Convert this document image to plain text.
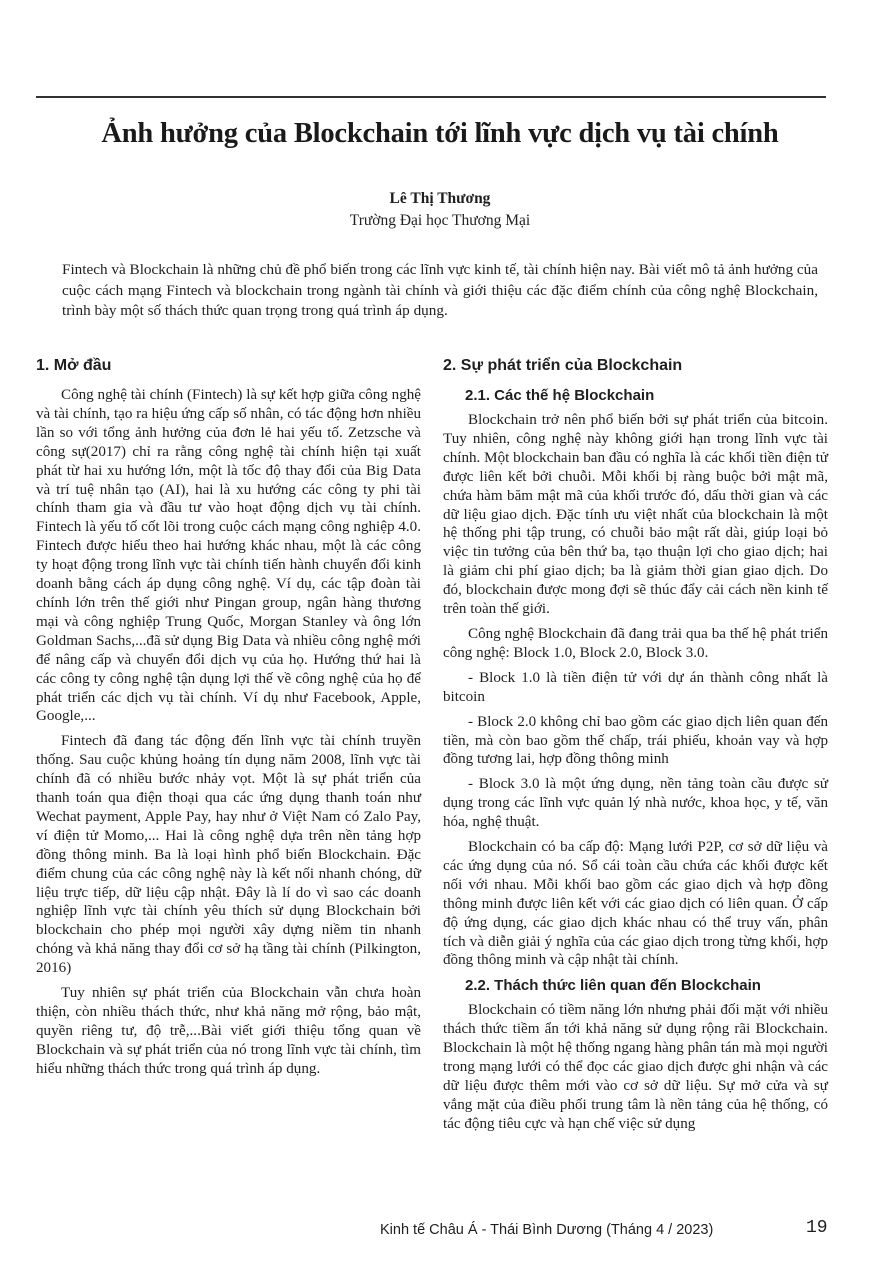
Ảnh hưởng của Blockchain tới lĩnh vực dịch vụ tài chính
Lê Thị Thương
Trường Đại học Thương Mại

Fintech và Blockchain là những chủ đề phổ biến trong các lĩnh vực kinh tế, tài chính hiện nay. Bài viết mô tả ảnh hưởng của cuộc cách mạng Fintech và blockchain trong ngành tài chính và giới thiệu các đặc điểm chính của công nghệ Blockchain, trình bày một số thách thức quan trọng trong quá trình áp dụng.

1. Mở đầu

Công nghệ tài chính (Fintech) là sự kết hợp giữa công nghệ và tài chính, tạo ra hiệu ứng cấp số nhân, có tác động hơn nhiều lần so với tổng ảnh hưởng của đơn lẻ hai yếu tố. Zetzsche và công sự(2017) chỉ ra rằng công nghệ tài chính hiện tại xuất phát từ hai xu hướng lớn, một là tốc độ thay đổi của Big Data và trí tuệ nhân tạo (AI), hai là xu hướng các công ty phi tài chính tham gia và đầu tư vào hoạt động dịch vụ tài chính. Fintech là yếu tố cốt lõi trong cuộc cách mạng công nghiệp 4.0. Fintech được hiểu theo hai hướng khác nhau, một là các công ty hoạt động trong lĩnh vực tài chính tiến hành chuyển đổi kinh doanh bằng cách áp dụng công nghệ. Ví dụ, các tập đoàn tài chính lớn trên thế giới như Pingan group, ngân hàng thương mại và công nghiệp Trung Quốc, Morgan Stanley và ông lớn Goldman Sachs,...đã sử dụng Big Data và nhiều công nghệ mới để nâng cấp và chuyển đổi dịch vụ của họ. Hướng thứ hai là các công ty công nghệ tận dụng lợi thế về công nghệ của họ để phát triển các dịch vụ tài chính. Ví dụ như Facebook, Apple, Google,...

Fintech đã đang tác động đến lĩnh vực tài chính truyền thống. Sau cuộc khủng hoảng tín dụng năm 2008, lĩnh vực tài chính đã có nhiều bước nhảy vọt. Một là sự phát triển của thanh toán qua điện thoại qua các ứng dụng thanh toán như Wechat payment, Apple Pay, hay như ở Việt Nam có Zalo Pay, ví điện tử Momo,... Hai là công nghệ dựa trên nền tảng hợp đồng thông minh. Ba là loại hình phổ biến Blockchain. Đặc điểm chung của các công nghệ này là kết nối nhanh chóng, dữ liệu trực tiếp, dữ liệu cập nhật. Đây là lí do vì sao các doanh nghiệp lĩnh vực tài chính yêu thích sử dụng Blockchain bởi blockchain cho phép mọi người xây dựng niềm tin nhanh chóng và khả năng thay đổi cơ sở hạ tầng tài chính (Pilkington, 2016)

Tuy nhiên sự phát triển của Blockchain vẫn chưa hoàn thiện, còn nhiều thách thức, như khả năng mở rộng, bảo mật, quyền riêng tư, độ trễ,...Bài viết giới thiệu tổng quan về Blockchain và sự phát triển của nó trong lĩnh vực tài chính, tìm hiểu những thách thức trong quá trình áp dụng.

2. Sự phát triển của Blockchain
2.1. Các thế hệ Blockchain

Blockchain trở nên phổ biến bởi sự phát triển của bitcoin. Tuy nhiên, công nghệ này không giới hạn trong lĩnh vực tài chính. Một blockchain ban đầu có nghĩa là các khối tiền điện tử được liên kết bởi chuỗi. Mỗi khối bị ràng buộc bởi mật mã, chứa hàm băm mật mã của khối trước đó, dấu thời gian và các dữ liệu giao dịch. Đặc tính ưu việt nhất của blockchain là một hệ thống phi tập trung, có chuỗi bảo mật rất dài, giúp loại bỏ việc tin tưởng của bên thứ ba, tạo thuận lợi cho giao dịch; hai là giảm chi phí giao dịch; ba là giảm thời gian giao dịch. Do đó, blockchain được mong đợi sẽ thúc đẩy cải cách nền kinh tế trên toàn thế giới.

Công nghệ Blockchain đã đang trải qua ba thế hệ phát triển công nghệ: Block 1.0, Block 2.0, Block 3.0.

- Block 1.0 là tiền điện tử với dự án thành công nhất là bitcoin

- Block 2.0 không chỉ bao gồm các giao dịch liên quan đến tiền, mà còn bao gồm thế chấp, trái phiếu, khoản vay và hợp đồng tương lai, hợp đồng thông minh

- Block 3.0 là một ứng dụng, nền tảng toàn cầu được sử dụng trong các lĩnh vực quản lý nhà nước, khoa học, y tế, văn hóa, nghệ thuật.

Blockchain có ba cấp độ: Mạng lưới P2P, cơ sở dữ liệu và các ứng dụng của nó. Sổ cái toàn cầu chứa các khối được kết nối với nhau. Mỗi khối bao gồm các giao dịch và hợp đồng thông minh được liên kết với các giao dịch có liên quan. Ở cấp độ ứng dụng, các giao dịch khác nhau có thể truy vấn, phân tích và diễn giải ý nghĩa của các giao dịch trong từng khối, hợp đồng thông minh và cập nhật tài chính.

2.2. Thách thức liên quan đến Blockchain

Blockchain có tiềm năng lớn nhưng phải đối mặt với nhiều thách thức tiềm ẩn tới khả năng sử dụng rộng rãi Blockchain. Blockchain là một hệ thống ngang hàng phân tán mà mọi người trong mạng lưới có thể đọc các giao dịch được ghi nhận và các dữ liệu được thêm mới vào cơ sở dữ liệu. Sự mở cửa và sự vắng mặt của điều phối trung tâm là nền tảng của hệ thống, có tác động tiêu cực và hạn chế việc sử dụng

Kinh tế Châu Á - Thái Bình Dương (Tháng 4 / 2023)	19
